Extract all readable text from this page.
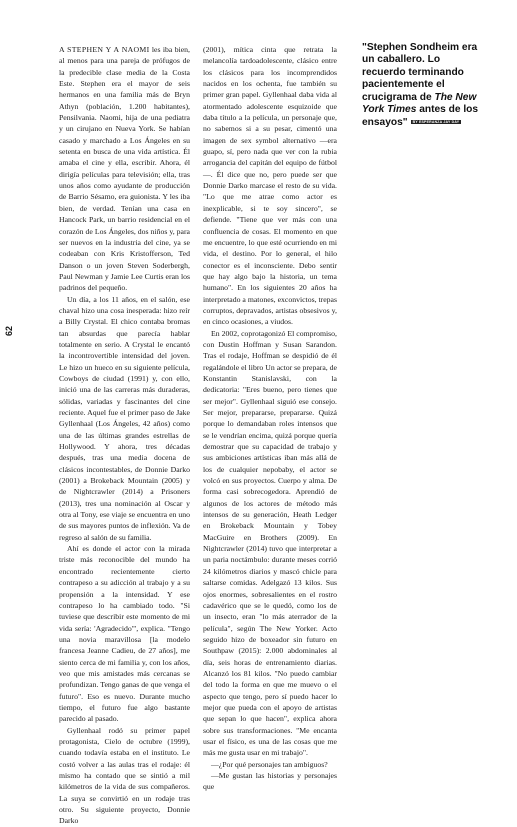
62

A STEPHEN Y A NAOMI les iba bien, al menos para una pareja de prófugos de la predecible clase media de la Costa Este. Stephen era el mayor de seis hermanos en una familia más de Bryn Athyn (población, 1.200 habitantes), Pensilvania. Naomi, hija de una pediatra y un cirujano en Nueva York. Se habían casado y marchado a Los Ángeles en su setenta en busca de una vida artística. Él amaba el cine y ella, escribir. Ahora, él dirigía películas para televisión; ella, tras unos años como ayudante de producción de Barrio Sésamo, era guionista. Y les iba bien, de verdad. Tenían una casa en Hancock Park, un barrio residencial en el corazón de Los Ángeles, dos niños y, para ser nuevos en la industria del cine, ya se codeaban con Kris Kristofferson, Ted Danson o un joven Steven Soderbergh, Paul Newman y Jamie Lee Curtis eran los padrinos del pequeño.

Un día, a los 11 años, en el salón, ese chaval hizo una cosa inesperada: hizo reír a Billy Crystal. El chico contaba bromas tan absurdas que parecía hablar totalmente en serio. A Crystal le encantó la incontrovertible intensidad del joven. Le hizo un hueco en su siguiente película, Cowboys de ciudad (1991) y, con ello, inició una de las carreras más duraderas, sólidas, variadas y fascinantes del cine reciente. Aquel fue el primer paso de Jake Gyllenhaal (Los Ángeles, 42 años) como una de las últimas grandes estrellas de Hollywood. Y ahora, tres décadas después, tras una media docena de clásicos incontestables, de Donnie Darko (2001) a Brokeback Mountain (2005) y de Nightcrawler (2014) a Prisoners (2013), tres una nominación al Oscar y otra al Tony, ese viaje se encuentra en uno de sus mayores puntos de inflexión. Va de regreso al salón de su familia.

Ahí es donde el actor con la mirada triste más reconocible del mundo ha encontrado recientemente cierto contrapeso a su adicción al trabajo y a su propensión a la intensidad. Y ese contrapeso lo ha cambiado todo. "Si tuviese que describir este momento de mi vida sería: 'Agradecido'", explica. "Tengo una novia maravillosa [la modelo francesa Jeanne Cadieu, de 27 años], me siento cerca de mi familia y, con los años, veo que mis amistades más cercanas se profundizan. Tengo ganas de que venga el futuro". Eso es nuevo. Durante mucho tiempo, el futuro fue algo bastante parecido al pasado.

Gyllenhaal rodó su primer papel protagonista, Cielo de octubre (1999), cuando todavía estaba en el instituto. Le costó volver a las aulas tras el rodaje: él mismo ha contado que se sintió a mil kilómetros de la vida de sus compañeros. La suya se convirtió en un rodaje tras otro. Su siguiente proyecto, Donnie Darko

(2001), mítica cinta que retrata la melancolía tardoadolescente, clásico entre los clásicos para los incomprendidos nacidos en los ochenta, fue también su primer gran papel. Gyllenhaal daba vida al atormentado adolescente esquizoide que daba título a la película, un personaje que, no sabemos si a su pesar, cimentó una imagen de sex symbol alternativo —era guapo, sí, pero nada que ver con la rubia arrogancia del capitán del equipo de fútbol—. Él dice que no, pero puede ser que Donnie Darko marcase el resto de su vida. "Lo que me atrae como actor es inexplicable, si te soy sincero", se defiende. "Tiene que ver más con una confluencia de cosas. El momento en que me encuentre, lo que esté ocurriendo en mi vida, el destino. Por lo general, el hilo conector es el inconsciente. Debo sentir que hay algo bajo la historia, un tema humano". En los siguientes 20 años ha interpretado a matones, exconvictos, trepas corruptos, depravados, artistas obsesivos y, en cinco ocasiones, a viudos.

En 2002, coprotagonizó El compromiso, con Dustin Hoffman y Susan Sarandon. Tras el rodaje, Hoffman se despidió de él regalándole el libro Un actor se prepara, de Konstantin Stanislavski, con la dedicatoria: "Eres bueno, pero tienes que ser mejor". Gyllenhaal siguió ese consejo. Ser mejor, prepararse, prepararse. Quizá porque lo demandaban roles intensos que se le vendrían encima, quizá porque quería demostrar que su capacidad de trabajo y sus ambiciones artísticas iban más allá de los de cualquier nepobaby, el actor se volcó en sus proyectos. Cuerpo y alma. De forma casi sobrecogedora. Aprendió de algunos de los actores de método más intensos de su generación, Heath Ledger en Brokeback Mountain y Tobey MacGuire en Brothers (2009). En Nightcrawler (2014) tuvo que interpretar a un paria noctámbulo: durante meses corrió 24 kilómetros diarios y mascó chicle para saltarse comidas. Adelgazó 13 kilos. Sus ojos enormes, sobresalientes en el rostro cadavérico que se le quedó, como los de un insecto, eran "lo más aterrador de la película", según The New Yorker. Acto seguido hizo de boxeador sin futuro en Southpaw (2015): 2.000 abdominales al día, seis horas de entrenamiento diarias. Alcanzó los 81 kilos. "No puedo cambiar del todo la forma en que me muevo o el aspecto que tengo, pero sí puedo hacer lo mejor que pueda con el apoyo de artistas que sepan lo que hacen", explica ahora sobre sus transformaciones. "Me encanta usar el físico, es una de las cosas que me más me gusta usar en mi trabajo".

—¿Por qué personajes tan ambiguos?

—Me gustan las historias y personajes que

"Stephen Sondheim era un caballero. Lo recuerdo terminando pacientemente el crucigrama de The New York Times antes de los ensayos" BY ESPERANZA JAY DAY
